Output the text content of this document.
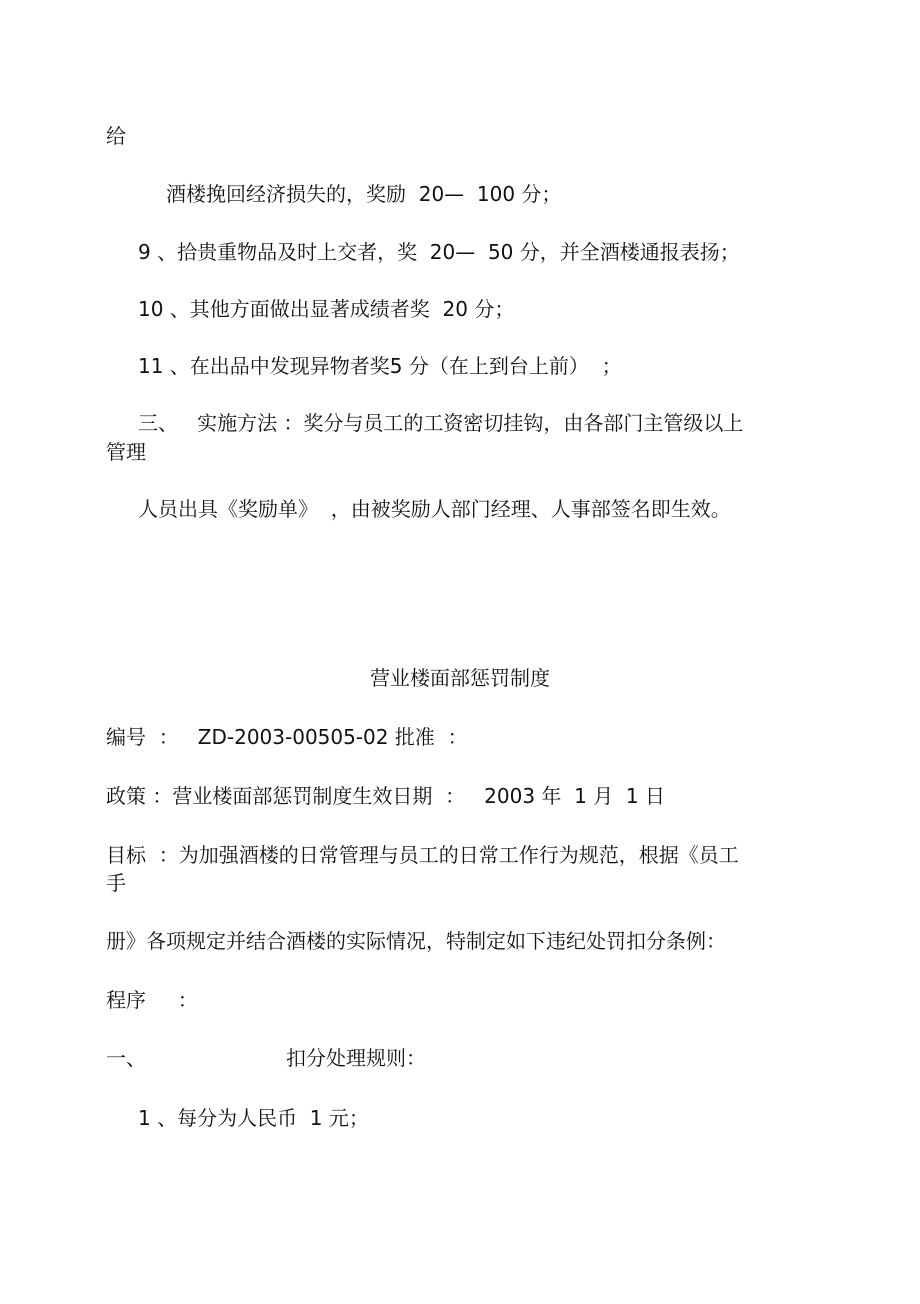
给

酒楼挽回经济损失的，奖励  20—  100 分；

9 、拾贵重物品及时上交者，奖  20—  50 分，并全酒楼通报表扬；

10 、其他方面做出显著成绩者奖  20 分；

11 、在出品中发现异物者奖5 分（在上到台上前）  ；

三、   实施方法 ：奖分与员工的工资密切挂钩，由各部门主管级以上

管理

人员出具《奖励单》  ，由被奖励人部门经理、人事部签名即生效。

营业楼面部惩罚制度

编号  ：   ZD-2003-00505-02 批准  ：

政策 ：营业楼面部惩罚制度生效日期  ：   2003 年  1 月  1 日

目标  ：为加强酒楼的日常管理与员工的日常工作行为规范，根据《员工

手

册》各项规定并结合酒楼的实际情况，特制定如下违纪处罚扣分条例：

程序     ：

一、	扣分处理规则：

1 、每分为人民币  1 元；
